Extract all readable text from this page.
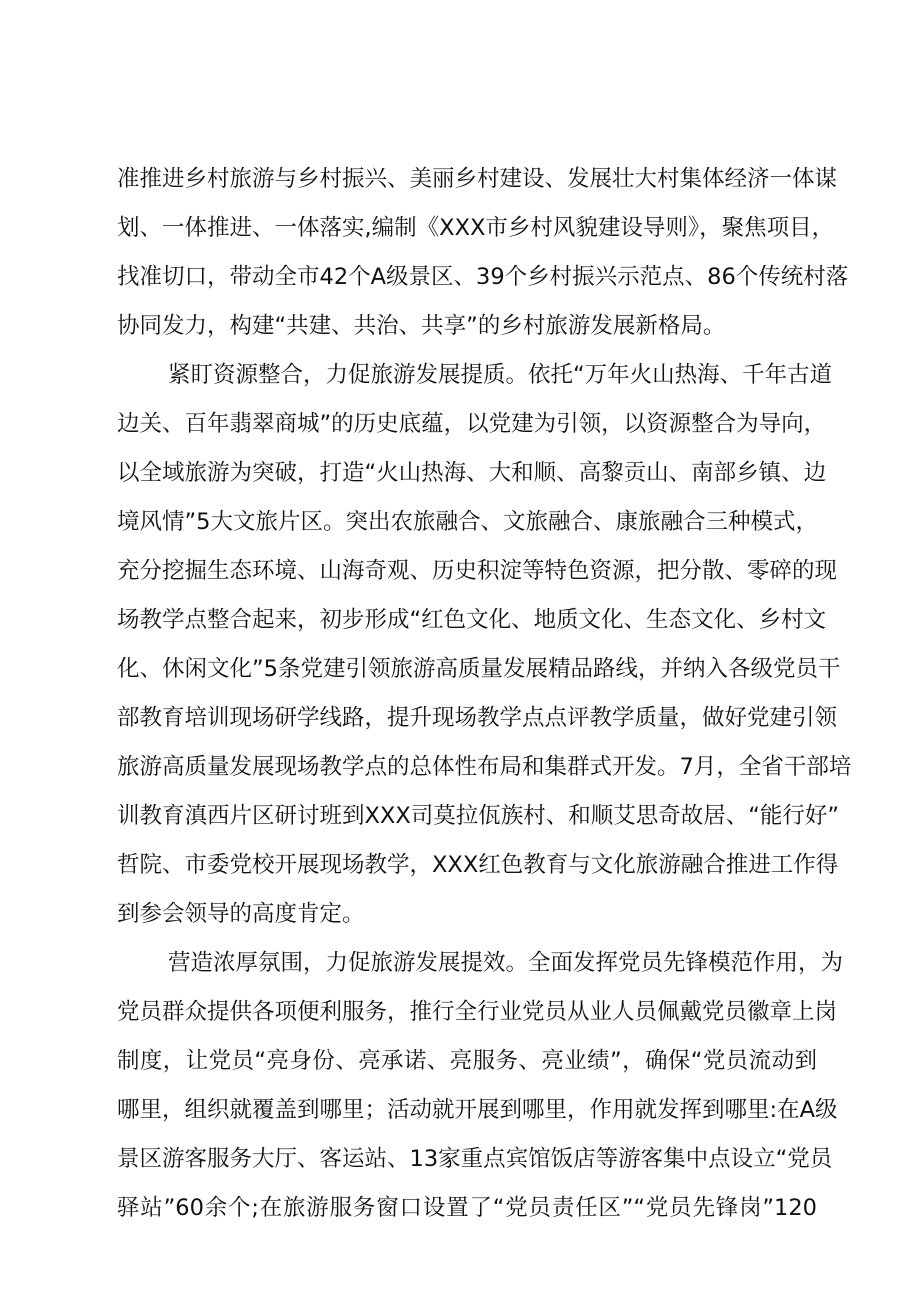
准推进乡村旅游与乡村振兴、美丽乡村建设、发展壮大村集体经济一体谋
划、一体推进、一体落实,编制《XXX市乡村风貌建设导则》，聚焦项目，
找准切口，带动全市42个A级景区、39个乡村振兴示范点、86个传统村落
协同发力，构建“共建、共治、共享”的乡村旅游发展新格局。
紧盯资源整合，力促旅游发展提质。依托“万年火山热海、千年古道
边关、百年翡翠商城”的历史底蕴，以党建为引领，以资源整合为导向，
以全域旅游为突破，打造“火山热海、大和顺、高黎贡山、南部乡镇、边
境风情”5大文旅片区。突出农旅融合、文旅融合、康旅融合三种模式，
充分挖掘生态环境、山海奇观、历史积淀等特色资源，把分散、零碎的现
场教学点整合起来，初步形成“红色文化、地质文化、生态文化、乡村文
化、休闲文化”5条党建引领旅游高质量发展精品路线，并纳入各级党员干
部教育培训现场研学线路，提升现场教学点点评教学质量，做好党建引领
旅游高质量发展现场教学点的总体性布局和集群式开发。7月，全省干部培
训教育滇西片区研讨班到XXX司莫拉佤族村、和顺艾思奇故居、“能行好”
哲院、市委党校开展现场教学，XXX红色教育与文化旅游融合推进工作得
到参会领导的高度肯定。
营造浓厚氛围，力促旅游发展提效。全面发挥党员先锋模范作用，为
党员群众提供各项便利服务，推行全行业党员从业人员佩戴党员徽章上岗
制度，让党员“亮身份、亮承诺、亮服务、亮业绩”，确保“党员流动到
哪里，组织就覆盖到哪里；活动就开展到哪里，作用就发挥到哪里:在A级
景区游客服务大厅、客运站、13家重点宾馆饭店等游客集中点设立“党员
驿站”60余个;在旅游服务窗口设置了“党员责任区”“党员先锋岗”120
